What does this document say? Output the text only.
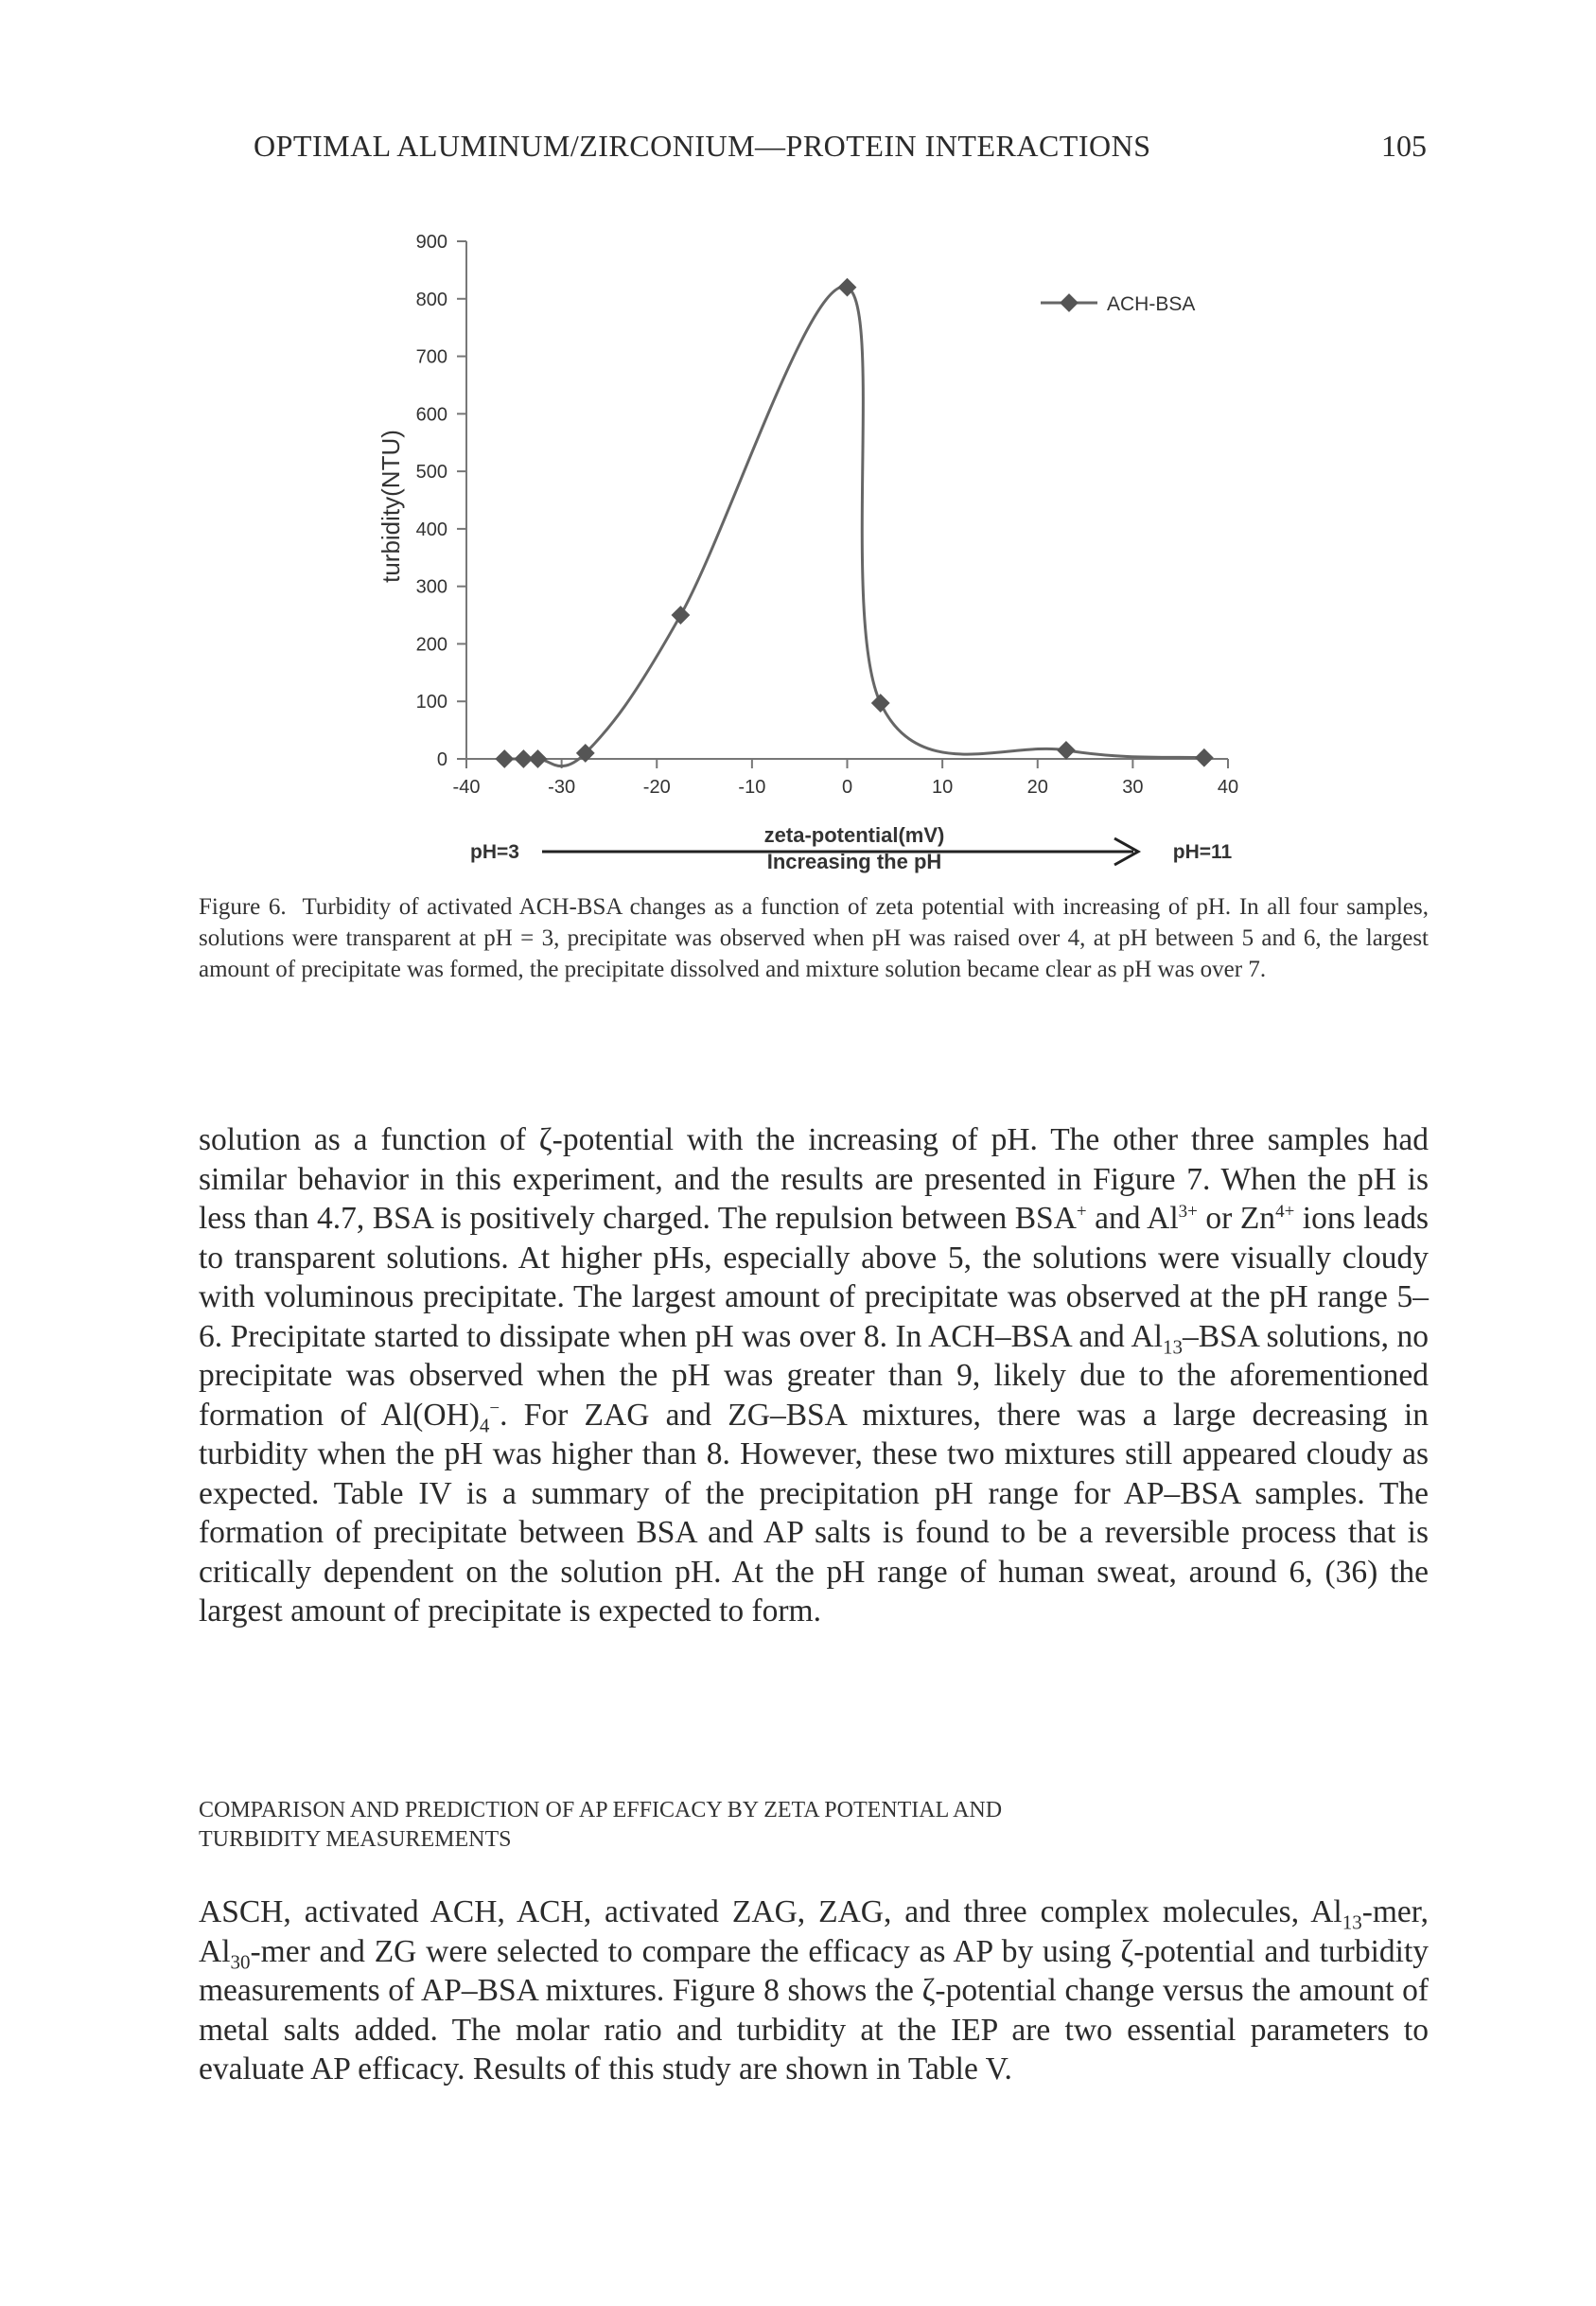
OPTIMAL ALUMINUM/ZIRCONIUM—PROTEIN INTERACTIONS	105
0
100
200
300
400
500
600
700
800
900
-40	-30	-20	-10	0	10	20	30	40
turbidity(NTU)
zeta-potential(mV)
Increasing the pH
pH=3	pH=11
ACH-BSA
Figure 6. Turbidity of activated ACH-BSA changes as a function of zeta potential with increasing of pH. In all four samples, solutions were transparent at pH = 3, precipitate was observed when pH was raised over 4, at pH between 5 and 6, the largest amount of precipitate was formed, the precipitate dissolved and mixture solution became clear as pH was over 7.
solution as a function of ζ-potential with the increasing of pH. The other three samples had similar behavior in this experiment, and the results are presented in Figure 7. When the pH is less than 4.7, BSA is positively charged. The repulsion between BSA+ and $Al^{3+}$ or $Zn^{4+}$ ions leads to transparent solutions. At higher pHs, especially above 5, the solutions were visually cloudy with voluminous precipitate. The largest amount of precipitate was observed at the pH range 5–6. Precipitate started to dissipate when pH was over 8. In ACH–BSA and $Al_{13}$–BSA solutions, no precipitate was observed when the pH was greater than 9, likely due to the aforementioned formation of $Al(OH)_4^-$. For ZAG and ZG–BSA mixtures, there was a large decreasing in turbidity when the pH was higher than 8. However, these two mixtures still appeared cloudy as expected. Table IV is a summary of the precipitation pH range for AP–BSA samples. The formation of precipitate between BSA and AP salts is found to be a reversible process that is critically dependent on the solution pH. At the pH range of human sweat, around 6, (36) the largest amount of precipitate is expected to form.
COMPARISON AND PREDICTION OF AP EFFICACY BY ZETA POTENTIAL AND
TURBIDITY MEASUREMENTS
ASCH, activated ACH, ACH, activated ZAG, ZAG, and three complex molecules, $Al_{13}$-mer, $Al_{30}$-mer and ZG were selected to compare the efficacy as AP by using ζ-potential and turbidity measurements of AP–BSA mixtures. Figure 8 shows the ζ-potential change versus the amount of metal salts added. The molar ratio and turbidity at the IEP are two essential parameters to evaluate AP efficacy. Results of this study are shown in Table V.
